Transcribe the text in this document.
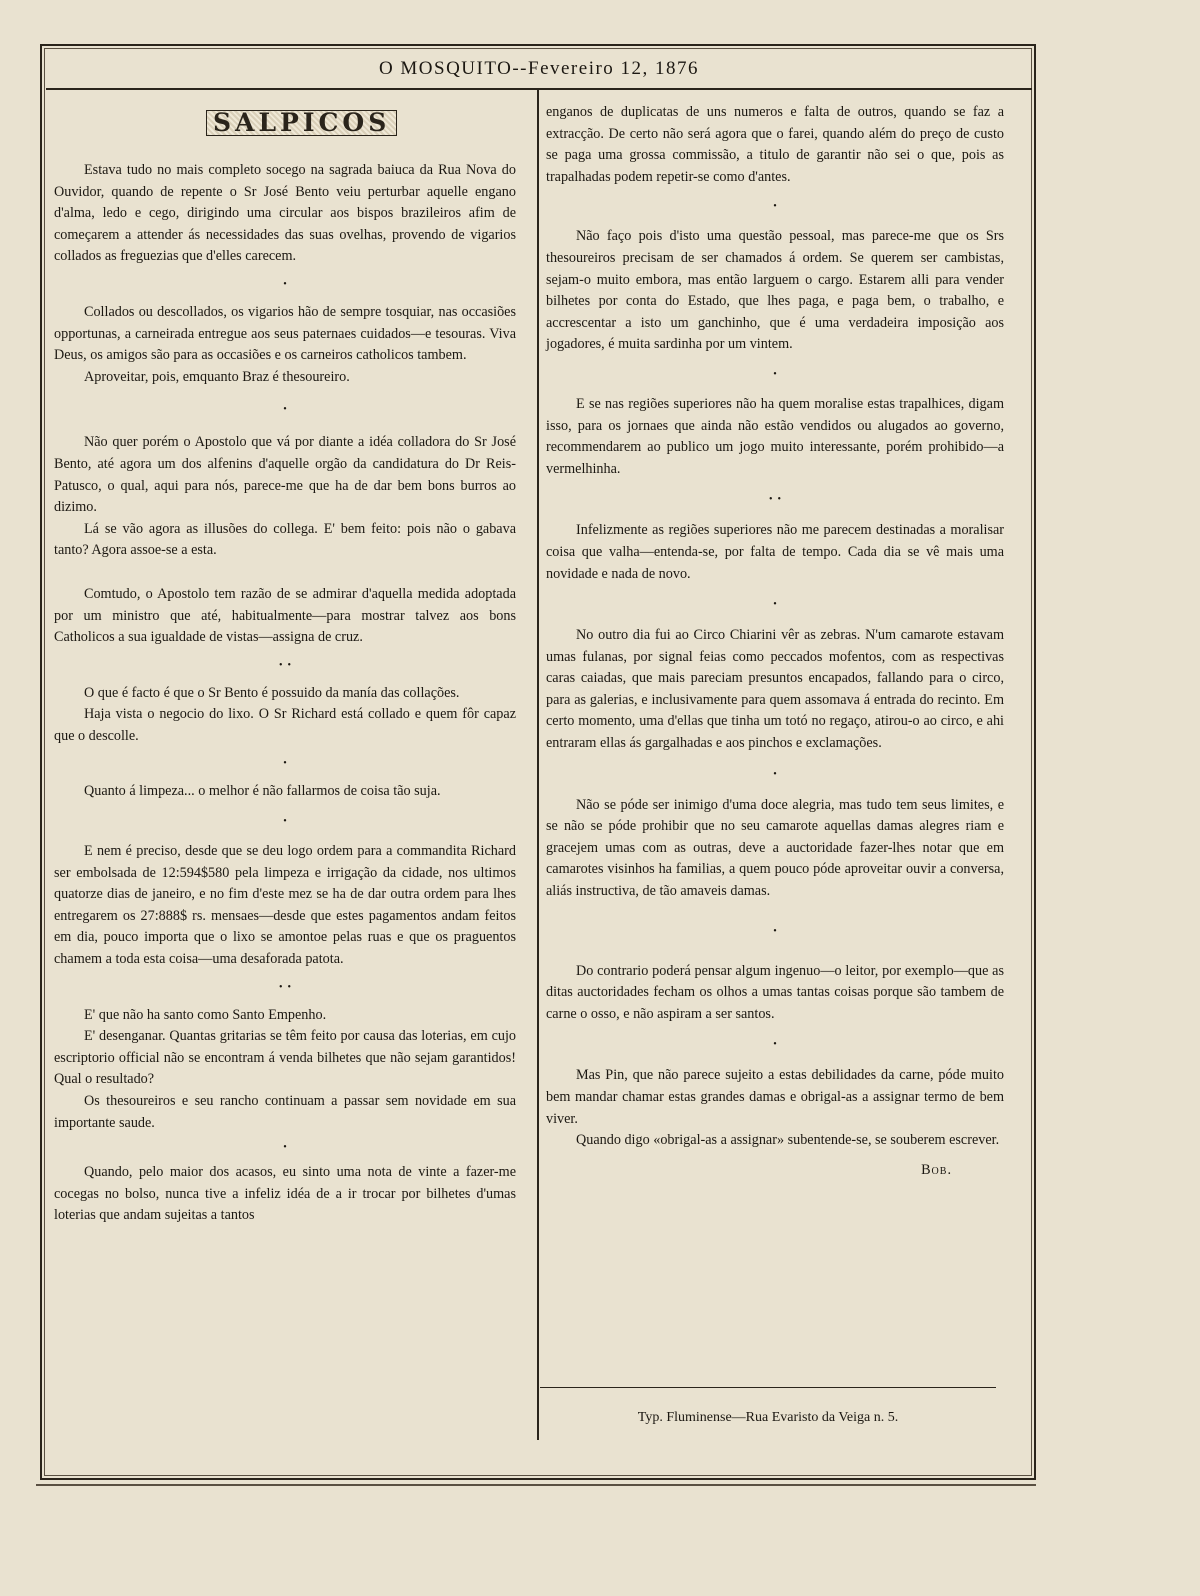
O MOSQUITO--Fevereiro 12, 1876
SALPICOS

Estava tudo no mais completo socego na sagrada baiuca da Rua Nova do Ouvidor, quando de repente o Sr José Bento veiu perturbar aquelle engano d'alma, ledo e cego, dirigindo uma circular aos bispos brazileiros afim de começarem a attender ás necessidades das suas ovelhas, provendo de vigarios collados as freguezias que d'elles carecem.

•

Collados ou descollados, os vigarios hão de sempre tosquiar, nas occasiões opportunas, a carneirada entregue aos seus paternaes cuidados—e tesouras. Viva Deus, os amigos são para as occasiões e os carneiros catholicos tambem.

Aproveitar, pois, emquanto Braz é thesoureiro.

•

Não quer porém o Apostolo que vá por diante a idéa colladora do Sr José Bento, até agora um dos alfenins d'aquelle orgão da candidatura do Dr Reis-Patusco, o qual, aqui para nós, parece-me que ha de dar bem bons burros ao dizimo.

Lá se vão agora as illusões do collega. E' bem feito: pois não o gabava tanto? Agora assoe-se a esta.

Comtudo, o Apostolo tem razão de se admirar d'aquella medida adoptada por um ministro que até, habitualmente—para mostrar talvez aos bons Catholicos a sua igualdade de vistas—assigna de cruz.

•  •

O que é facto é que o Sr Bento é possuido da manía das collações.

Haja vista o negocio do lixo. O Sr Richard está collado e quem fôr capaz que o descolle.

•

Quanto á limpeza... o melhor é não fallarmos de coisa tão suja.

•

E nem é preciso, desde que se deu logo ordem para a commandita Richard ser embolsada de 12:594$580 pela limpeza e irrigação da cidade, nos ultimos quatorze dias de janeiro, e no fim d'este mez se ha de dar outra ordem para lhes entregarem os 27:888$ rs. mensaes—desde que estes pagamentos andam feitos em dia, pouco importa que o lixo se amontoe pelas ruas e que os praguentos chamem a toda esta coisa—uma desaforada patota.

•  •

E' que não ha santo como Santo Empenho.

E' desenganar. Quantas gritarias se têm feito por causa das loterias, em cujo escriptorio official não se encontram á venda bilhetes que não sejam garantidos! Qual o resultado?

Os thesoureiros e seu rancho continuam a passar sem novidade em sua importante saude.

•

Quando, pelo maior dos acasos, eu sinto uma nota de vinte a fazer-me cocegas no bolso, nunca tive a infeliz idéa de a ir trocar por bilhetes d'umas loterias que andam sujeitas a tantos

enganos de duplicatas de uns numeros e falta de outros, quando se faz a extracção. De certo não será agora que o farei, quando além do preço de custo se paga uma grossa commissão, a titulo de garantir não sei o que, pois as trapalhadas podem repetir-se como d'antes.

•

Não faço pois d'isto uma questão pessoal, mas parece-me que os Srs thesoureiros precisam de ser chamados á ordem. Se querem ser cambistas, sejam-o muito embora, mas então larguem o cargo. Estarem alli para vender bilhetes por conta do Estado, que lhes paga, e paga bem, o trabalho, e accrescentar a isto um ganchinho, que é uma verdadeira imposição aos jogadores, é muita sardinha por um vintem.

•

E se nas regiões superiores não ha quem moralise estas trapalhices, digam isso, para os jornaes que ainda não estão vendidos ou alugados ao governo, recommendarem ao publico um jogo muito interessante, porém prohibido—a vermelhinha.

•  •

Infelizmente as regiões superiores não me parecem destinadas a moralisar coisa que valha—entenda-se, por falta de tempo. Cada dia se vê mais uma novidade e nada de novo.

•

No outro dia fui ao Circo Chiarini vêr as zebras. N'um camarote estavam umas fulanas, por signal feias como peccados mofentos, com as respectivas caras caiadas, que mais pareciam presuntos encapados, fallando para o circo, para as galerias, e inclusivamente para quem assomava á entrada do recinto. Em certo momento, uma d'ellas que tinha um totó no regaço, atirou-o ao circo, e ahi entraram ellas ás gargalhadas e aos pinchos e exclamações.

•

Não se póde ser inimigo d'uma doce alegria, mas tudo tem seus limites, e se não se póde prohibir que no seu camarote aquellas damas alegres riam e gracejem umas com as outras, deve a auctoridade fazer-lhes notar que em camarotes visinhos ha familias, a quem pouco póde aproveitar ouvir a conversa, aliás instructiva, de tão amaveis damas.

•

Do contrario poderá pensar algum ingenuo—o leitor, por exemplo—que as ditas auctoridades fecham os olhos a umas tantas coisas porque são tambem de carne o osso, e não aspiram a ser santos.

•

Mas Pin, que não parece sujeito a estas debilidades da carne, póde muito bem mandar chamar estas grandes damas e obrigal-as a assignar termo de bem viver.

Quando digo «obrigal-as a assignar» subentende-se, se souberem escrever.

Bob.
Typ. Fluminense—Rua Evaristo da Veiga n. 5.
